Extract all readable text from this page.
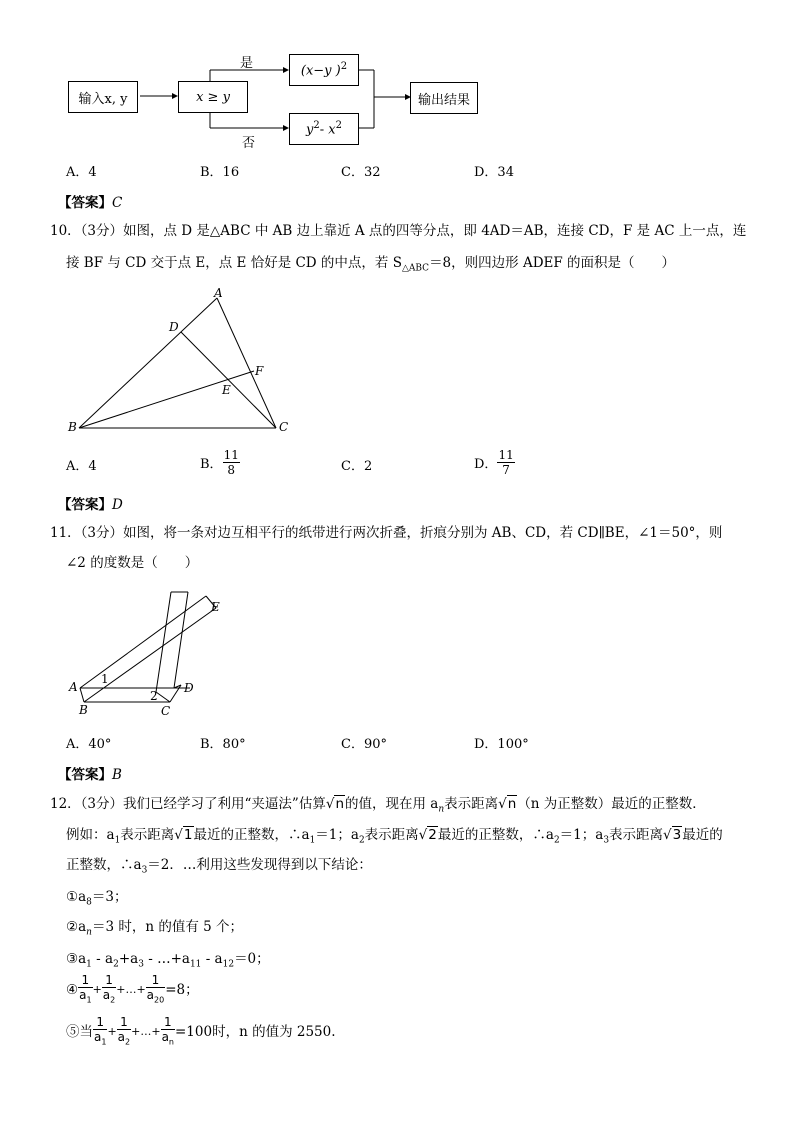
输入x, y	x ≥ y
是
否
(x−y )$^2$
$y^2-$ $x^2$
输出结果
A．4	B．16	C．32	D．34
【答案】C
10．（3分）如图，点 D 是△ABC 中 AB 边上靠近 A 点的四等分点，即 4AD＝AB，连接 CD，F 是 AC 上一点，连
接 BF 与 CD 交于点 E，点 E 恰好是 CD 的中点，若 $S_{\triangle ABC}=8$，则四边形 ADEF 的面积是（　　）
A
D
F
E
B	C
A．4	B． $\frac{11}{8}$	C．2	D． $\frac{11}{7}$
【答案】D
11．（3分）如图，将一条对边互相平行的纸带进行两次折叠，折痕分别为 AB、CD，若 CD∥BE，∠1＝50°，则
∠2 的度数是（　　）
E
A
1
2
D
B	C
A．40°	B．80°	C．90°	D．100°
【答案】B
12．（3分）我们已经学习了利用“夹逼法”估算√n的值，现在用 $a_n$表示距离√n（n 为正整数）最近的正整数．
例如：$a_1$表示距离√1最近的正整数，$\therefore a_1=1$；$a_2$表示距离√2最近的正整数，$\therefore a_2=1$；$a_3$表示距离√3最近的
正整数，$\therefore a_3=2$．…利用这些发现得到以下结论：
$①a_8=3$；
$②a_n=3$ 时，n 的值有 5 个；
$③a_1 - a_2+a_3$ - $\dots+a_{11} - a_{12}=0$；
④ $\frac{1}{a_1} + \frac{1}{a_2}$ +…+ $\frac{1}{a_{20}} =8$；
⑤当 $\frac{1}{a_1} + \frac{1}{a_2}$ +…+ $\frac{1}{a_n} =100$时，n 的值为 2550.
